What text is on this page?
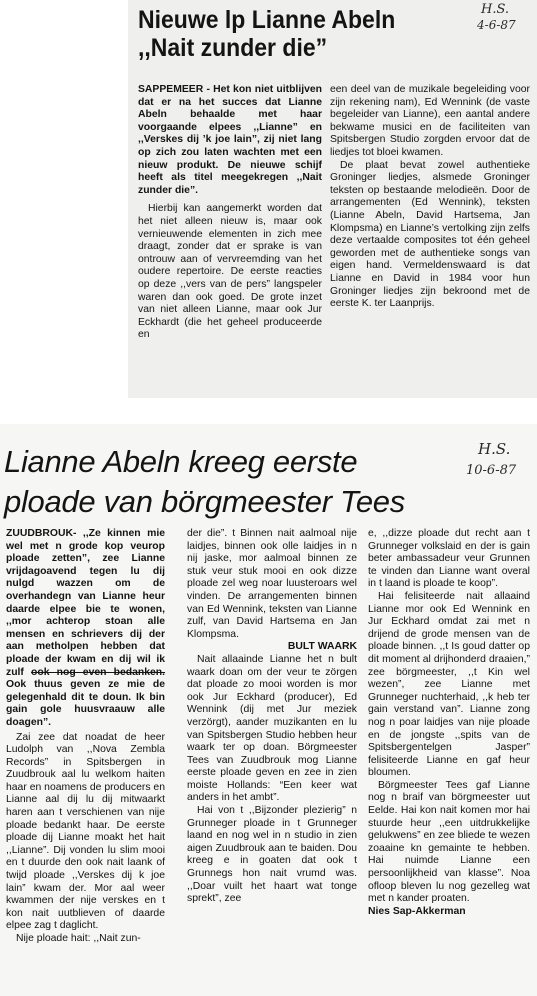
Nieuwe lp Lianne Abeln
,,Nait zunder die”
H.S.
4-6-87

SAPPEMEER - Het kon niet uitblijven dat er na het succes dat Lianne Abeln behaalde met haar voorgaande elpees ,,Lianne” en ,,Verskes dij ’k joe lain”, zij niet lang op zich zou laten wachten met een nieuw produkt. De nieuwe schijf heeft als titel meegekregen ,,Nait zunder die”.

Hierbij kan aangemerkt worden dat het niet alleen nieuw is, maar ook vernieuwende elementen in zich mee draagt, zonder dat er sprake is van ontrouw aan of vervreemding van het oudere repertoire. De eerste reacties op deze ,,vers van de pers” langspeler waren dan ook goed. De grote inzet van niet alleen Lianne, maar ook Jur Eckhardt (die het geheel produceerde en

een deel van de muzikale begeleiding voor zijn rekening nam), Ed Wennink (de vaste begeleider van Lianne), een aantal andere bekwame musici en de faciliteiten van Spitsbergen Studio zorgden ervoor dat de liedjes tot bloei kwamen.

De plaat bevat zowel authentieke Groninger liedjes, alsmede Groninger teksten op bestaande melodieën. Door de arrangementen (Ed Wennink), teksten (Lianne Abeln, David Hartsema, Jan Klompsma) en Lianne’s vertolking zijn zelfs deze vertaalde composites tot één geheel geworden met de authentieke songs van eigen hand. Vermeldenswaard is dat Lianne en David in 1984 voor hun Groninger liedjes zijn bekroond met de eerste K. ter Laanprijs.

Lianne Abeln kreeg eerste
ploade van börgmeester Tees
H.S.
10-6-87

ZUUDBROUK- ,,Ze kinnen mie wel met n grode kop veurop ploade zetten”, zee Lianne vrijdagoavend tegen lu dij nulgd wazzen om de overhandegn van Lianne heur daarde elpee bie te wonen, ,,mor achterop stoan alle mensen en schrievers dij der aan metholpen hebben dat ploade der kwam en dij wil ik zulf ook nog even bedanken. Ook thuus geven ze mie de gelegenhald dit te doun. Ik bin gain gole huusvraauw alle doagen”.

Zai zee dat noadat de heer Ludolph van ,,Nova Zembla Records” in Spitsbergen in Zuudbrouk aal lu welkom haiten haar en noamens de producers en Lianne aal dij lu dij mitwaarkt haren aan t verschienen van nije ploade bedankt haar. De eerste ploade dij Lianne moakt het hait ,,Lianne”. Dij vonden lu slim mooi en t duurde den ook nait laank of twijd ploade ,,Verskes dij k joe lain” kwam der. Mor aal weer kwammen der nije verskes en t kon nait uutblieven of daarde elpee zag t daglicht.

Nije ploade hait: ,,Nait zun-

der die”. t Binnen nait aalmoal nije laidjes, binnen ook olle laidjes in n nij jaske, mor aalmoal binnen ze stuk veur stuk mooi en ook dizze ploade zel weg noar luusteroars wel vinden. De arrangementen binnen van Ed Wennink, teksten van Lianne zulf, van David Hartsema en Jan Klompsma.

BULT WAARK

Nait allaainde Lianne het n bult waark doan om der veur te zörgen dat ploade zo mooi worden is mor ook Jur Eckhard (producer), Ed Wennink (dij met Jur meziek verzörgt), aander muzikanten en lu van Spitsbergen Studio hebben heur waark ter op doan. Börgmeester Tees van Zuudbrouk mog Lianne eerste ploade geven en zee in zien moiste Hollands: “Een keer wat anders in het ambt”.

Hai von t ,,Bijzonder plezierig” n Grunneger ploade in t Grunneger laand en nog wel in n studio in zien aigen Zuudbrouk aan te baiden. Dou kreeg e in goaten dat ook t Grunnegs hon nait vrumd was. ,,Doar vuilt het haart wat tonge sprekt”, zee

e, ,,dizze ploade dut recht aan t Grunneger volkslaid en der is gain beter ambassadeur veur Grunnen te vinden dan Lianne want overal in t laand is ploade te koop”.

Hai felisiteerde nait allaaind Lianne mor ook Ed Wennink en Jur Eckhard omdat zai met n drijend de grode mensen van de ploade binnen. ,,t Is goud datter op dit moment al drijhonderd draaien,” zee börgmeester, ,,t Kin wel wezen”, zee Lianne met Grunneger nuchterhaid, ,,k heb ter gain verstand van”. Lianne zong nog n poar laidjes van nije ploade en de jongste ,,spits van de Spitsbergentelgen Jasper” felisiteerde Lianne en gaf heur bloumen.

Börgmeester Tees gaf Lianne nog n braif van börgmeester uut Eelde. Hai kon nait komen mor hai stuurde heur ,,een uitdrukkelijke gelukwens” en zee bliede te wezen zoaaine kn gemainte te hebben. Hai nuimde Lianne een persoonlijkheid van klasse”. Noa ofloop bleven lu nog gezelleg wat met n kander proaten.

Nies Sap-Akkerman
